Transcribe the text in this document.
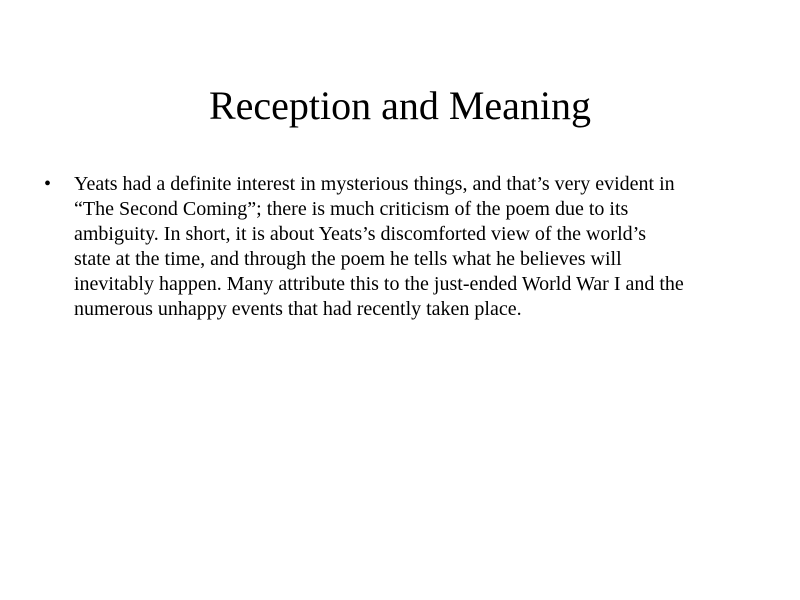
Reception and Meaning
•	Yeats had a definite interest in mysterious things, and that’s very evident in “The Second Coming”; there is much criticism of the poem due to its ambiguity. In short, it is about Yeats’s discomforted view of the world’s state at the time, and through the poem he tells what he believes will inevitably happen. Many attribute this to the just-ended World War I and the numerous unhappy events that had recently taken place.
